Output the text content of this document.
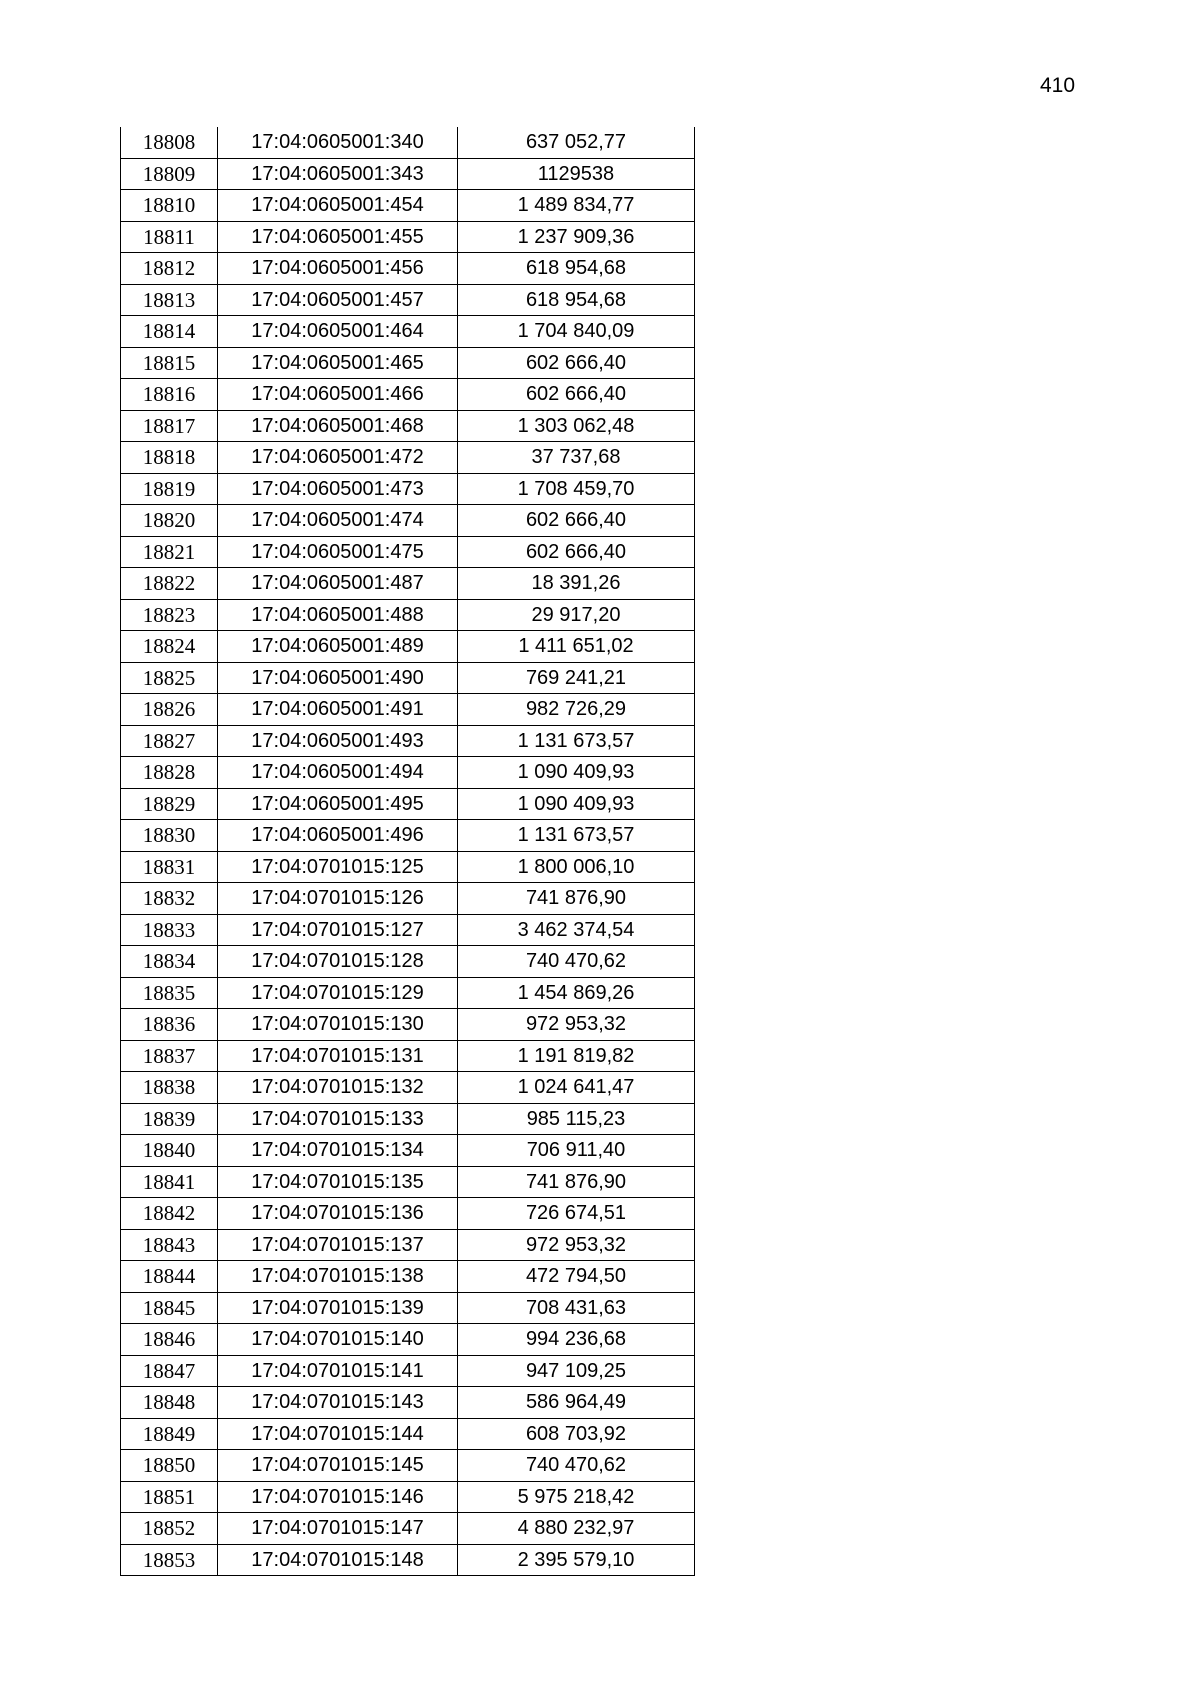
410
18808	17:04:0605001:340	637 052,77
18809	17:04:0605001:343	1129538
18810	17:04:0605001:454	1 489 834,77
18811	17:04:0605001:455	1 237 909,36
18812	17:04:0605001:456	618 954,68
18813	17:04:0605001:457	618 954,68
18814	17:04:0605001:464	1 704 840,09
18815	17:04:0605001:465	602 666,40
18816	17:04:0605001:466	602 666,40
18817	17:04:0605001:468	1 303 062,48
18818	17:04:0605001:472	37 737,68
18819	17:04:0605001:473	1 708 459,70
18820	17:04:0605001:474	602 666,40
18821	17:04:0605001:475	602 666,40
18822	17:04:0605001:487	18 391,26
18823	17:04:0605001:488	29 917,20
18824	17:04:0605001:489	1 411 651,02
18825	17:04:0605001:490	769 241,21
18826	17:04:0605001:491	982 726,29
18827	17:04:0605001:493	1 131 673,57
18828	17:04:0605001:494	1 090 409,93
18829	17:04:0605001:495	1 090 409,93
18830	17:04:0605001:496	1 131 673,57
18831	17:04:0701015:125	1 800 006,10
18832	17:04:0701015:126	741 876,90
18833	17:04:0701015:127	3 462 374,54
18834	17:04:0701015:128	740 470,62
18835	17:04:0701015:129	1 454 869,26
18836	17:04:0701015:130	972 953,32
18837	17:04:0701015:131	1 191 819,82
18838	17:04:0701015:132	1 024 641,47
18839	17:04:0701015:133	985 115,23
18840	17:04:0701015:134	706 911,40
18841	17:04:0701015:135	741 876,90
18842	17:04:0701015:136	726 674,51
18843	17:04:0701015:137	972 953,32
18844	17:04:0701015:138	472 794,50
18845	17:04:0701015:139	708 431,63
18846	17:04:0701015:140	994 236,68
18847	17:04:0701015:141	947 109,25
18848	17:04:0701015:143	586 964,49
18849	17:04:0701015:144	608 703,92
18850	17:04:0701015:145	740 470,62
18851	17:04:0701015:146	5 975 218,42
18852	17:04:0701015:147	4 880 232,97
18853	17:04:0701015:148	2 395 579,10
